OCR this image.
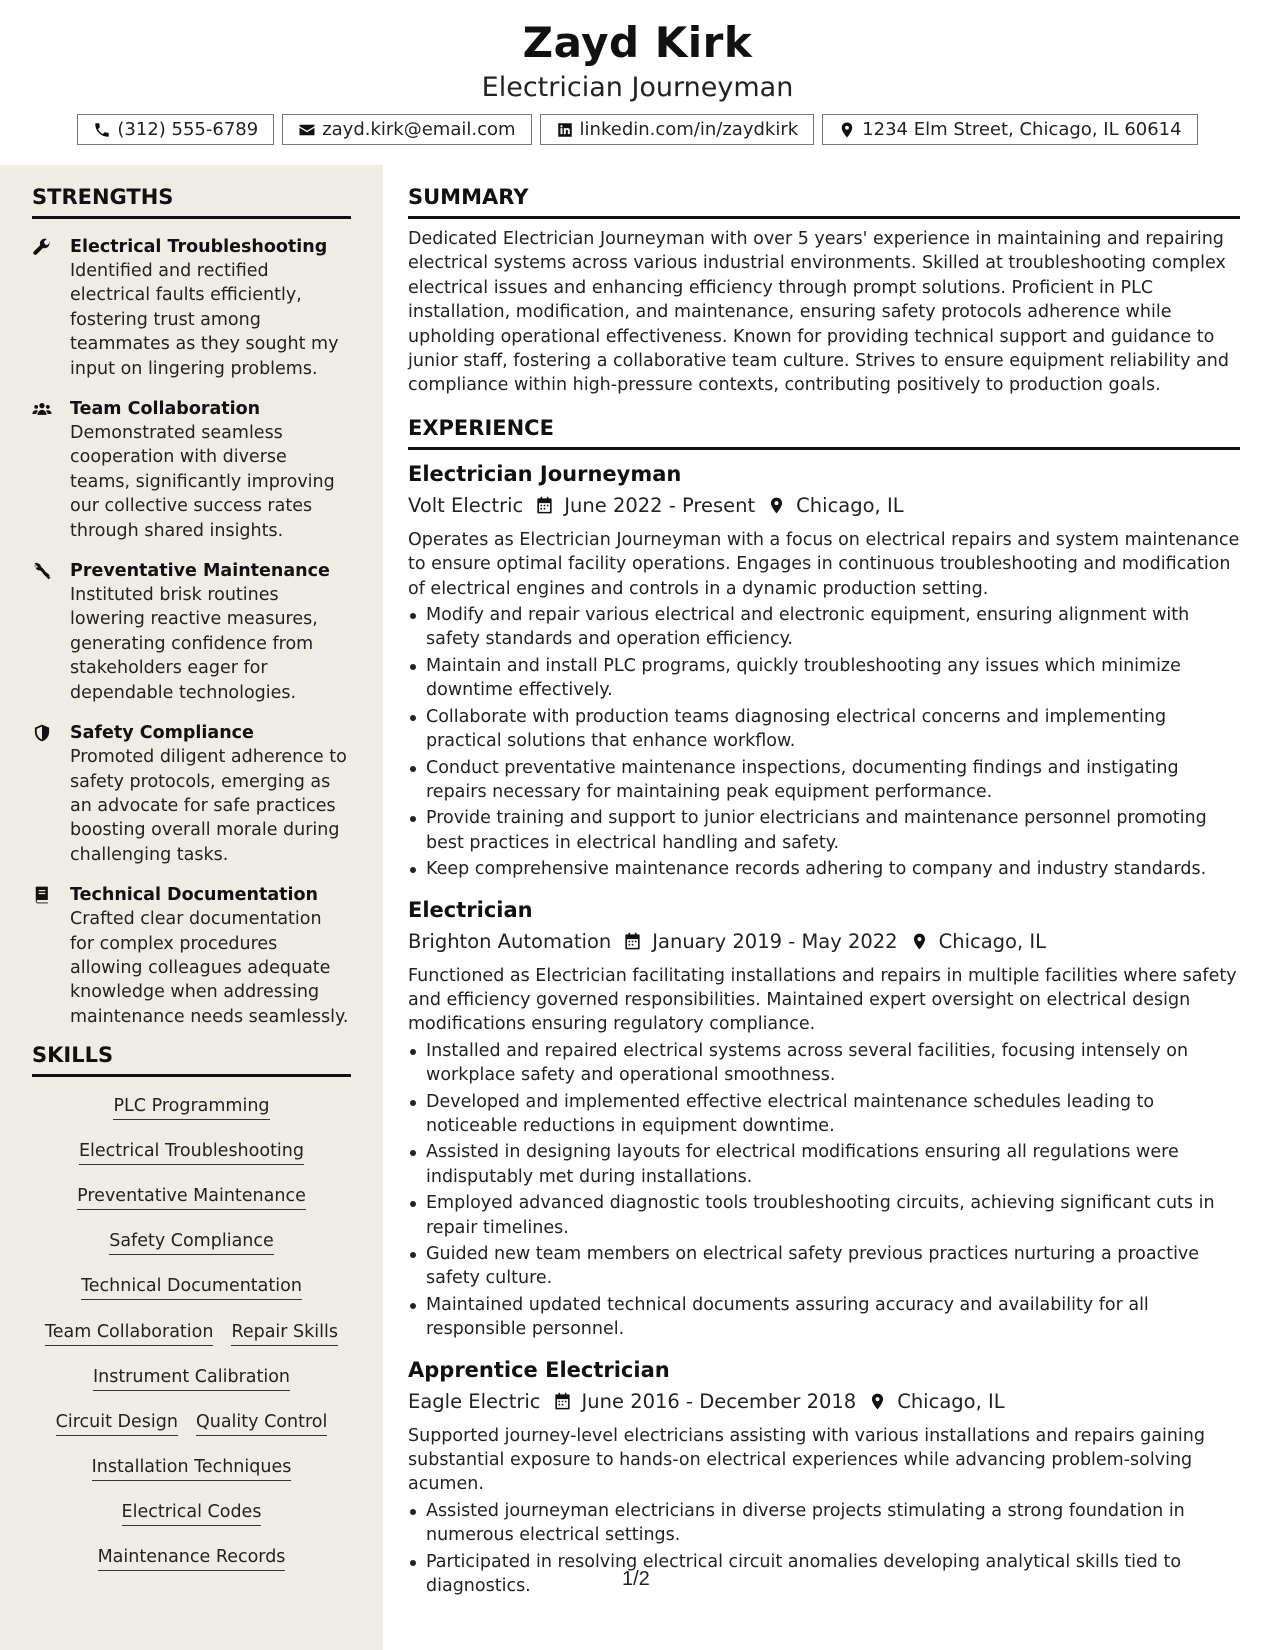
Zayd Kirk
Electrician Journeyman
(312) 555-6789	zayd.kirk@email.com	linkedin.com/in/zaydkirk	1234 Elm Street, Chicago, IL 60614
STRENGTHS
Electrical Troubleshooting
Identified and rectified electrical faults efficiently, fostering trust among teammates as they sought my input on lingering problems.
Team Collaboration
Demonstrated seamless cooperation with diverse teams, significantly improving our collective success rates through shared insights.
Preventative Maintenance
Instituted brisk routines lowering reactive measures, generating confidence from stakeholders eager for dependable technologies.
Safety Compliance
Promoted diligent adherence to safety protocols, emerging as an advocate for safe practices boosting overall morale during challenging tasks.
Technical Documentation
Crafted clear documentation for complex procedures allowing colleagues adequate knowledge when addressing maintenance needs seamlessly.
SKILLS
PLC Programming
Electrical Troubleshooting
Preventative Maintenance
Safety Compliance
Technical Documentation
Team Collaboration Repair Skills
Instrument Calibration
Circuit Design Quality Control
Installation Techniques
Electrical Codes
Maintenance Records
SUMMARY
Dedicated Electrician Journeyman with over 5 years' experience in maintaining and repairing electrical systems across various industrial environments. Skilled at troubleshooting complex electrical issues and enhancing efficiency through prompt solutions. Proficient in PLC installation, modification, and maintenance, ensuring safety protocols adherence while upholding operational effectiveness. Known for providing technical support and guidance to junior staff, fostering a collaborative team culture. Strives to ensure equipment reliability and compliance within high-pressure contexts, contributing positively to production goals.
EXPERIENCE
Electrician Journeyman
Volt Electric June 2022 - Present Chicago, IL
Operates as Electrician Journeyman with a focus on electrical repairs and system maintenance to ensure optimal facility operations. Engages in continuous troubleshooting and modification of electrical engines and controls in a dynamic production setting.
Modify and repair various electrical and electronic equipment, ensuring alignment with safety standards and operation efficiency.
Maintain and install PLC programs, quickly troubleshooting any issues which minimize downtime effectively.
Collaborate with production teams diagnosing electrical concerns and implementing practical solutions that enhance workflow.
Conduct preventative maintenance inspections, documenting findings and instigating repairs necessary for maintaining peak equipment performance.
Provide training and support to junior electricians and maintenance personnel promoting best practices in electrical handling and safety.
Keep comprehensive maintenance records adhering to company and industry standards.
Electrician
Brighton Automation January 2019 - May 2022 Chicago, IL
Functioned as Electrician facilitating installations and repairs in multiple facilities where safety and efficiency governed responsibilities. Maintained expert oversight on electrical design modifications ensuring regulatory compliance.
Installed and repaired electrical systems across several facilities, focusing intensely on workplace safety and operational smoothness.
Developed and implemented effective electrical maintenance schedules leading to noticeable reductions in equipment downtime.
Assisted in designing layouts for electrical modifications ensuring all regulations were indisputably met during installations.
Employed advanced diagnostic tools troubleshooting circuits, achieving significant cuts in repair timelines.
Guided new team members on electrical safety previous practices nurturing a proactive safety culture.
Maintained updated technical documents assuring accuracy and availability for all responsible personnel.
Apprentice Electrician
Eagle Electric June 2016 - December 2018 Chicago, IL
Supported journey-level electricians assisting with various installations and repairs gaining substantial exposure to hands-on electrical experiences while advancing problem-solving acumen.
Assisted journeyman electricians in diverse projects stimulating a strong foundation in numerous electrical settings.
Participated in resolving electrical circuit anomalies developing analytical skills tied to diagnostics.	1/2
